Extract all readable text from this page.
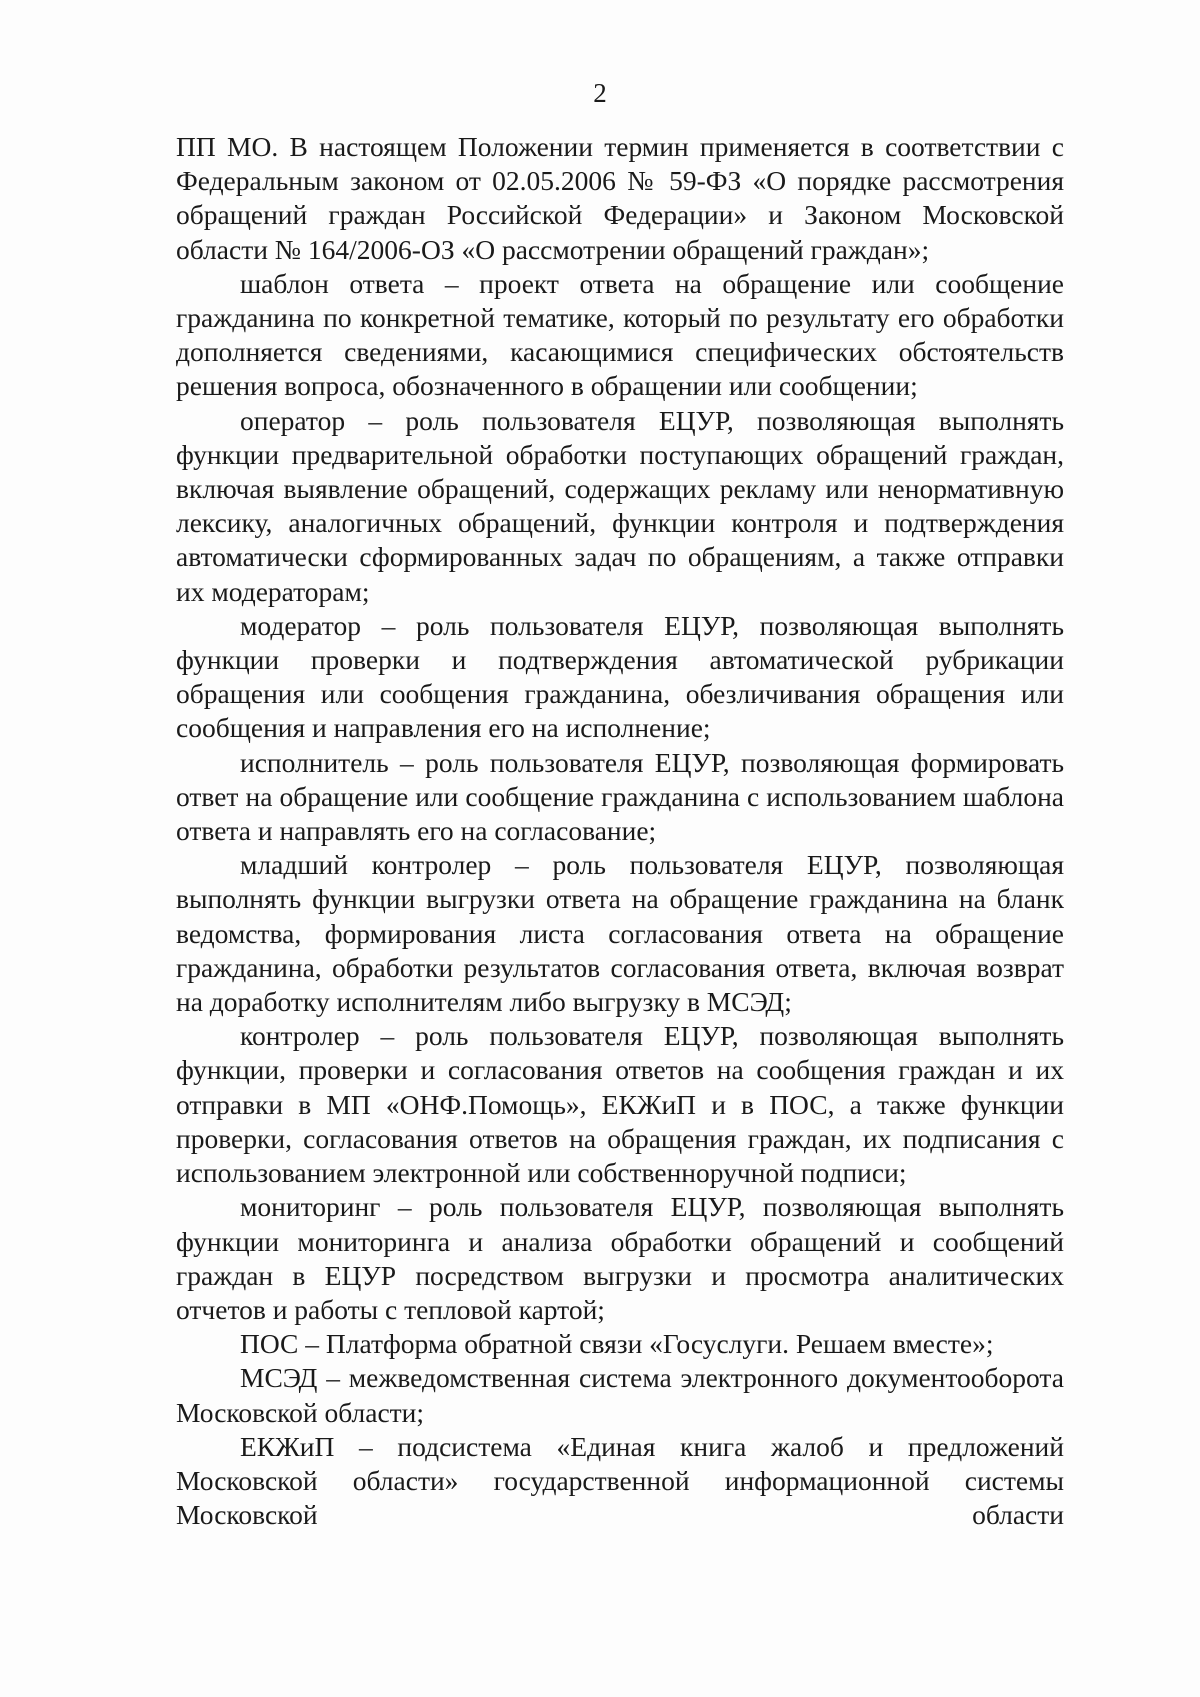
2

ПП МО. В настоящем Положении термин применяется в соответствии с Федеральным законом от 02.05.2006 № 59-ФЗ «О порядке рассмотрения обращений граждан Российской Федерации» и Законом Московской области № 164/2006-ОЗ «О рассмотрении обращений граждан»;

шаблон ответа – проект ответа на обращение или сообщение гражданина по конкретной тематике, который по результату его обработки дополняется сведениями, касающимися специфических обстоятельств решения вопроса, обозначенного в обращении или сообщении;

оператор – роль пользователя ЕЦУР, позволяющая выполнять функции предварительной обработки поступающих обращений граждан, включая выявление обращений, содержащих рекламу или ненормативную лексику, аналогичных обращений, функции контроля и подтверждения автоматически сформированных задач по обращениям, а также отправки их модераторам;

модератор – роль пользователя ЕЦУР, позволяющая выполнять функции проверки и подтверждения автоматической рубрикации обращения или сообщения гражданина, обезличивания обращения или сообщения и направления его на исполнение;

исполнитель – роль пользователя ЕЦУР, позволяющая формировать ответ на обращение или сообщение гражданина с использованием шаблона ответа и направлять его на согласование;

младший контролер – роль пользователя ЕЦУР, позволяющая выполнять функции выгрузки ответа на обращение гражданина на бланк ведомства, формирования листа согласования ответа на обращение гражданина, обработки результатов согласования ответа, включая возврат на доработку исполнителям либо выгрузку в МСЭД;

контролер – роль пользователя ЕЦУР, позволяющая выполнять функции, проверки и согласования ответов на сообщения граждан и их отправки в МП «ОНФ.Помощь», ЕКЖиП и в ПОС, а также функции проверки, согласования ответов на обращения граждан, их подписания с использованием электронной или собственноручной подписи;

мониторинг – роль пользователя ЕЦУР, позволяющая выполнять функции мониторинга и анализа обработки обращений и сообщений граждан в ЕЦУР посредством выгрузки и просмотра аналитических отчетов и работы с тепловой картой;

ПОС – Платформа обратной связи «Госуслуги. Решаем вместе»;

МСЭД – межведомственная система электронного документооборота Московской области;

ЕКЖиП – подсистема «Единая книга жалоб и предложений Московской области» государственной информационной системы Московской области
